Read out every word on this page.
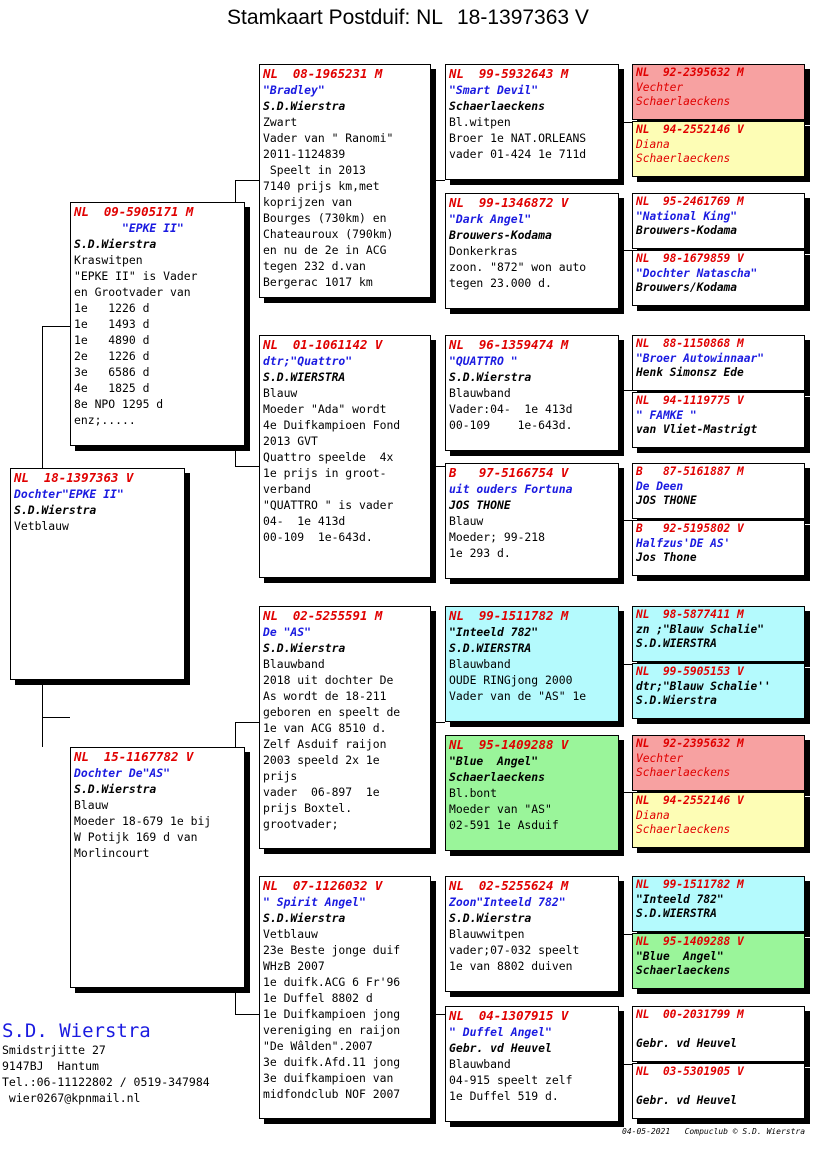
Stamkaart Postduif: NL 18-1397363 V
NL  18-1397363 V
Dochter"EPKE II"
S.D.Wierstra
Vetblauw
NL  09-5905171 M
"EPKE II"
S.D.Wierstra
Kraswitpen
"EPKE II" is Vader
en Grootvader van
1e   1226 d
1e   1493 d
1e   4890 d
2e   1226 d
3e   6586 d
4e   1825 d
8e NPO 1295 d
enz;.....
NL  15-1167782 V
Dochter De"AS"
S.D.Wierstra
Blauw
Moeder 18-679 1e bij
W Potijk 169 d van
Morlincourt
NL  08-1965231 M
"Bradley"
S.D.Wierstra
Zwart
Vader van " Ranomi"
2011-1124839
Speelt in 2013
7140 prijs km,met
koprijzen van
Bourges (730km) en
Chateauroux (790km)
en nu de 2e in ACG
tegen 232 d.van
Bergerac 1017 km
NL  01-1061142 V
dtr;"Quattro"
S.D.WIERSTRA
Blauw
Moeder "Ada" wordt
4e Duifkampioen Fond
2013 GVT
Quattro speelde  4x
1e prijs in groot-
verband
"QUATTRO " is vader
04-  1e 413d
00-109  1e-643d.
NL  02-5255591 M
De "AS"
S.D.Wierstra
Blauwband
2018 uit dochter De
As wordt de 18-211
geboren en speelt de
1e van ACG 8510 d.
Zelf Asduif raijon
2003 speeld 2x 1e
prijs
vader  06-897  1e
prijs Boxtel.
grootvader;
NL  07-1126032 V
" Spirit Angel"
S.D.Wierstra
Vetblauw
23e Beste jonge duif
WHzB 2007
1e duifk.ACG 6 Fr'96
1e Duffel 8802 d
1e Duifkampioen jong
vereniging en raijon
"De Wâlden".2007
3e duifk.Afd.11 jong
3e duifkampioen van
midfondclub NOF 2007
NL  99-5932643 M
"Smart Devil"
Schaerlaeckens
Bl.witpen
Broer 1e NAT.ORLEANS
vader 01-424 1e 711d
NL  99-1346872 V
"Dark Angel"
Brouwers-Kodama
Donkerkras
zoon. "872" won auto
tegen 23.000 d.
NL  96-1359474 M
"QUATTRO "
S.D.Wierstra
Blauwband
Vader:04-  1e 413d
00-109    1e-643d.
B   97-5166754 V
uit ouders Fortuna
JOS THONE
Blauw
Moeder; 99-218
1e 293 d.
NL  99-1511782 M
"Inteeld 782"
S.D.WIERSTRA
Blauwband
OUDE RINGjong 2000
Vader van de "AS" 1e
NL  95-1409288 V
"Blue  Angel"
Schaerlaeckens
Bl.bont
Moeder van "AS"
02-591 1e Asduif
NL  02-5255624 M
Zoon"Inteeld 782"
S.D.Wierstra
Blauwwitpen
vader;07-032 speelt
1e van 8802 duiven
NL  04-1307915 V
" Duffel Angel"
Gebr. vd Heuvel
Blauwband
04-915 speelt zelf
1e Duffel 519 d.
NL  92-2395632 M
Vechter
Schaerlaeckens
NL  94-2552146 V
Diana
Schaerlaeckens
NL  95-2461769 M
"National King"
Brouwers-Kodama
NL  98-1679859 V
"Dochter Natascha"
Brouwers/Kodama
NL  88-1150868 M
"Broer Autowinnaar"
Henk Simonsz Ede
NL  94-1119775 V
" FAMKE "
van Vliet-Mastrigt
B   87-5161887 M
De Deen
JOS THONE
B   92-5195802 V
Halfzus'DE AS'
Jos Thone
NL  98-5877411 M
zn ;"Blauw Schalie"
S.D.WIERSTRA
NL  99-5905153 V
dtr;"Blauw Schalie''
S.D.Wierstra
NL  92-2395632 M
Vechter
Schaerlaeckens
NL  94-2552146 V
Diana
Schaerlaeckens
NL  99-1511782 M
"Inteeld 782"
S.D.WIERSTRA
NL  95-1409288 V
"Blue  Angel"
Schaerlaeckens
NL  00-2031799 M
Gebr. vd Heuvel
NL  03-5301905 V
Gebr. vd Heuvel
S.D. Wierstra
Smidstrjitte 27
9147BJ  Hantum
Tel.:06-11122802 / 0519-347984
wier0267@kpnmail.nl
04-05-2021   Compuclub © S.D. Wierstra
